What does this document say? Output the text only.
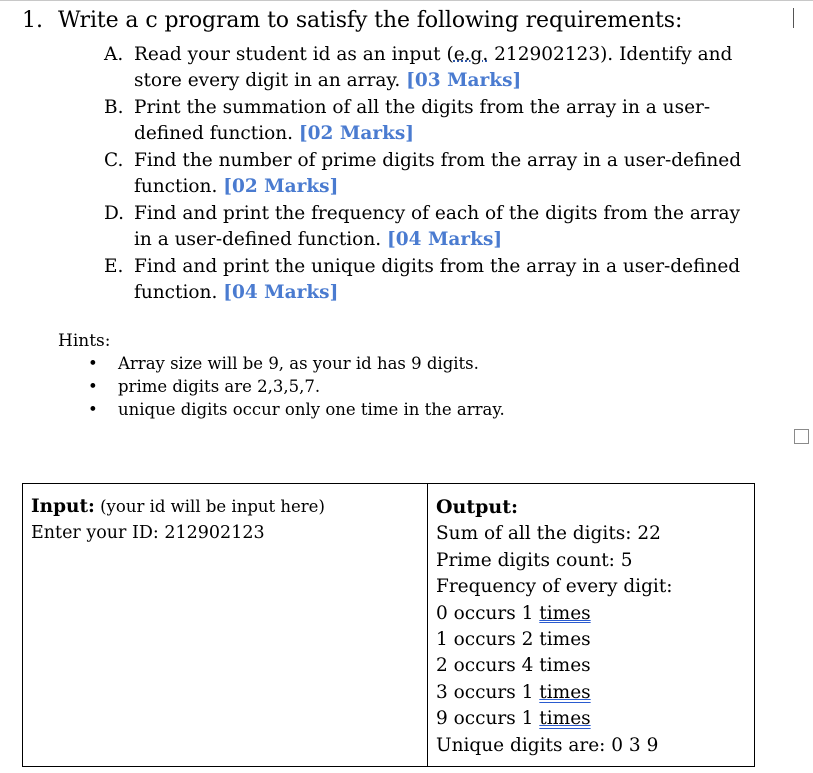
1. Write a c program to satisfy the following requirements:
A. Read your student id as an input (e.g. 212902123). Identify and
store every digit in an array. [03 Marks]
B. Print the summation of all the digits from the array in a user-
defined function. [02 Marks]
C. Find the number of prime digits from the array in a user-defined
function. [02 Marks]
D. Find and print the frequency of each of the digits from the array
in a user-defined function. [04 Marks]
E. Find and print the unique digits from the array in a user-defined
function. [04 Marks]
Hints:
• Array size will be 9, as your id has 9 digits.
• prime digits are 2,3,5,7.
• unique digits occur only one time in the array.
Input: (your id will be input here)
Enter your ID: 212902123
Output:
Sum of all the digits: 22
Prime digits count: 5
Frequency of every digit:
0 occurs 1 times
1 occurs 2 times
2 occurs 4 times
3 occurs 1 times
9 occurs 1 times
Unique digits are: 0 3 9
